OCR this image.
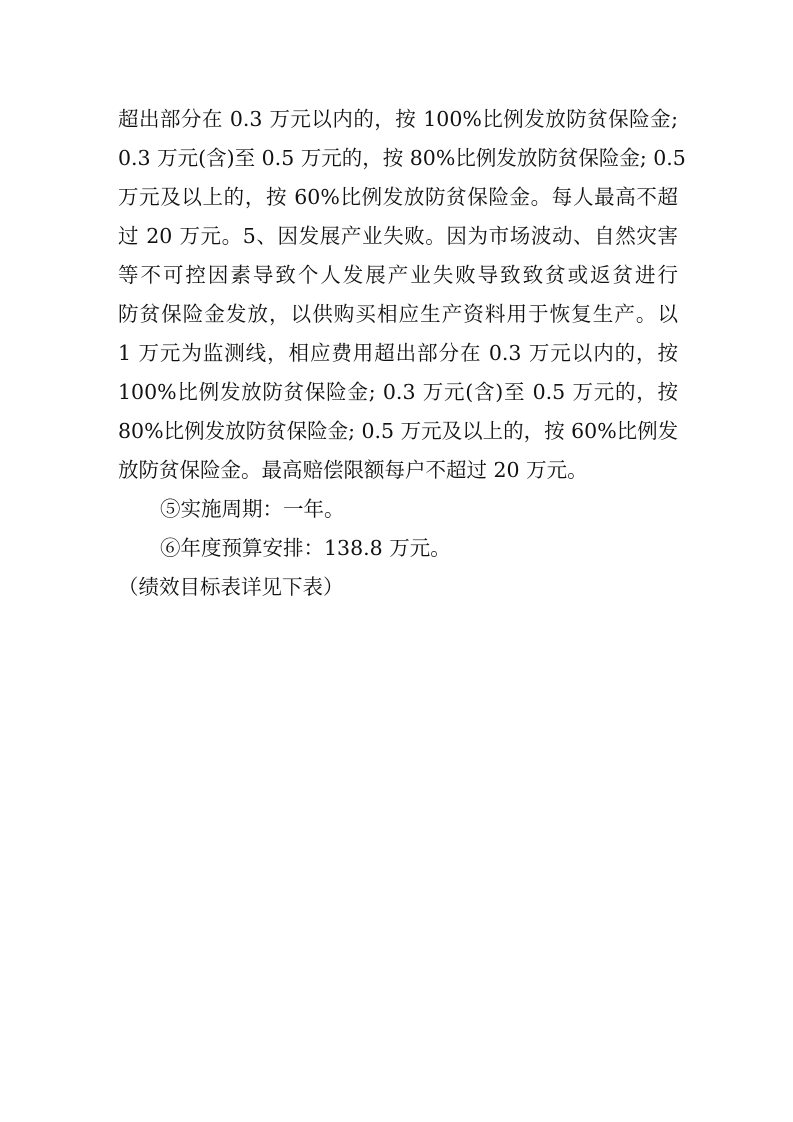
超出部分在 0.3 万元以内的，按 100%比例发放防贫保险金;
0.3 万元(含)至 0.5 万元的，按 80%比例发放防贫保险金; 0.5
万元及以上的，按 60%比例发放防贫保险金。每人最高不超
过 20 万元。5、因发展产业失败。因为市场波动、自然灾害
等不可控因素导致个人发展产业失败导致致贫或返贫进行
防贫保险金发放，以供购买相应生产资料用于恢复生产。以
1 万元为监测线，相应费用超出部分在 0.3 万元以内的，按
100%比例发放防贫保险金; 0.3 万元(含)至 0.5 万元的，按
80%比例发放防贫保险金; 0.5 万元及以上的，按 60%比例发
放防贫保险金。最高赔偿限额每户不超过 20 万元。
⑤实施周期：一年。
⑥年度预算安排：138.8 万元。
（绩效目标表详见下表）
